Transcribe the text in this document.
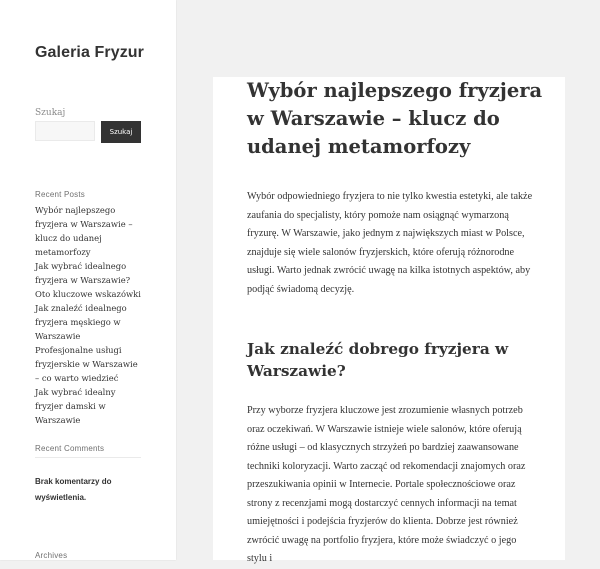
Galeria Fryzur
Szukaj
Szukaj
Recent Posts
Wybór najlepszego fryzjera w Warszawie – klucz do udanej metamorfozy
Jak wybrać idealnego fryzjera w Warszawie? Oto kluczowe wskazówki
Jak znaleźć idealnego fryzjera męskiego w Warszawie
Profesjonalne usługi fryzjerskie w Warszawie – co warto wiedzieć
Jak wybrać idealny fryzjer damski w Warszawie
Recent Comments
Brak komentarzy do wyświetlenia.
Archives
Wybór najlepszego fryzjera w Warszawie – klucz do udanej metamorfozy

Wybór odpowiedniego fryzjera to nie tylko kwestia estetyki, ale także zaufania do specjalisty, który pomoże nam osiągnąć wymarzoną fryzurę. W Warszawie, jako jednym z największych miast w Polsce, znajduje się wiele salonów fryzjerskich, które oferują różnorodne usługi. Warto jednak zwrócić uwagę na kilka istotnych aspektów, aby podjąć świadomą decyzję.

Jak znaleźć dobrego fryzjera w Warszawie?

Przy wyborze fryzjera kluczowe jest zrozumienie własnych potrzeb oraz oczekiwań. W Warszawie istnieje wiele salonów, które oferują różne usługi – od klasycznych strzyżeń po bardziej zaawansowane techniki koloryzacji. Warto zacząć od rekomendacji znajomych oraz przeszukiwania opinii w Internecie. Portale społecznościowe oraz strony z recenzjami mogą dostarczyć cennych informacji na temat umiejętności i podejścia fryzjerów do klienta. Dobrze jest również zwrócić uwagę na portfolio fryzjera, które może świadczyć o jego stylu i
